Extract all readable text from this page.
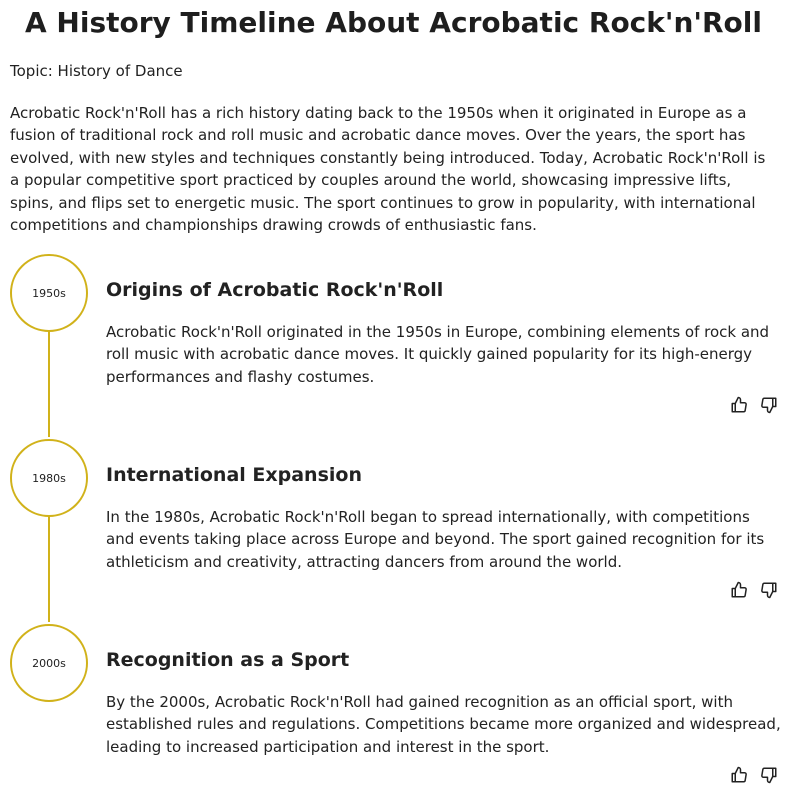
A History Timeline About Acrobatic Rock'n'Roll
Topic: History of Dance

Acrobatic Rock'n'Roll has a rich history dating back to the 1950s when it originated in Europe as a fusion of traditional rock and roll music and acrobatic dance moves. Over the years, the sport has evolved, with new styles and techniques constantly being introduced. Today, Acrobatic Rock'n'Roll is a popular competitive sport practiced by couples around the world, showcasing impressive lifts, spins, and flips set to energetic music. The sport continues to grow in popularity, with international competitions and championships drawing crowds of enthusiastic fans.

1950s Origins of Acrobatic Rock'n'Roll

Acrobatic Rock'n'Roll originated in the 1950s in Europe, combining elements of rock and roll music with acrobatic dance moves. It quickly gained popularity for its high-energy performances and flashy costumes.

1980s International Expansion

In the 1980s, Acrobatic Rock'n'Roll began to spread internationally, with competitions and events taking place across Europe and beyond. The sport gained recognition for its athleticism and creativity, attracting dancers from around the world.

2000s Recognition as a Sport

By the 2000s, Acrobatic Rock'n'Roll had gained recognition as an official sport, with established rules and regulations. Competitions became more organized and widespread, leading to increased participation and interest in the sport.
